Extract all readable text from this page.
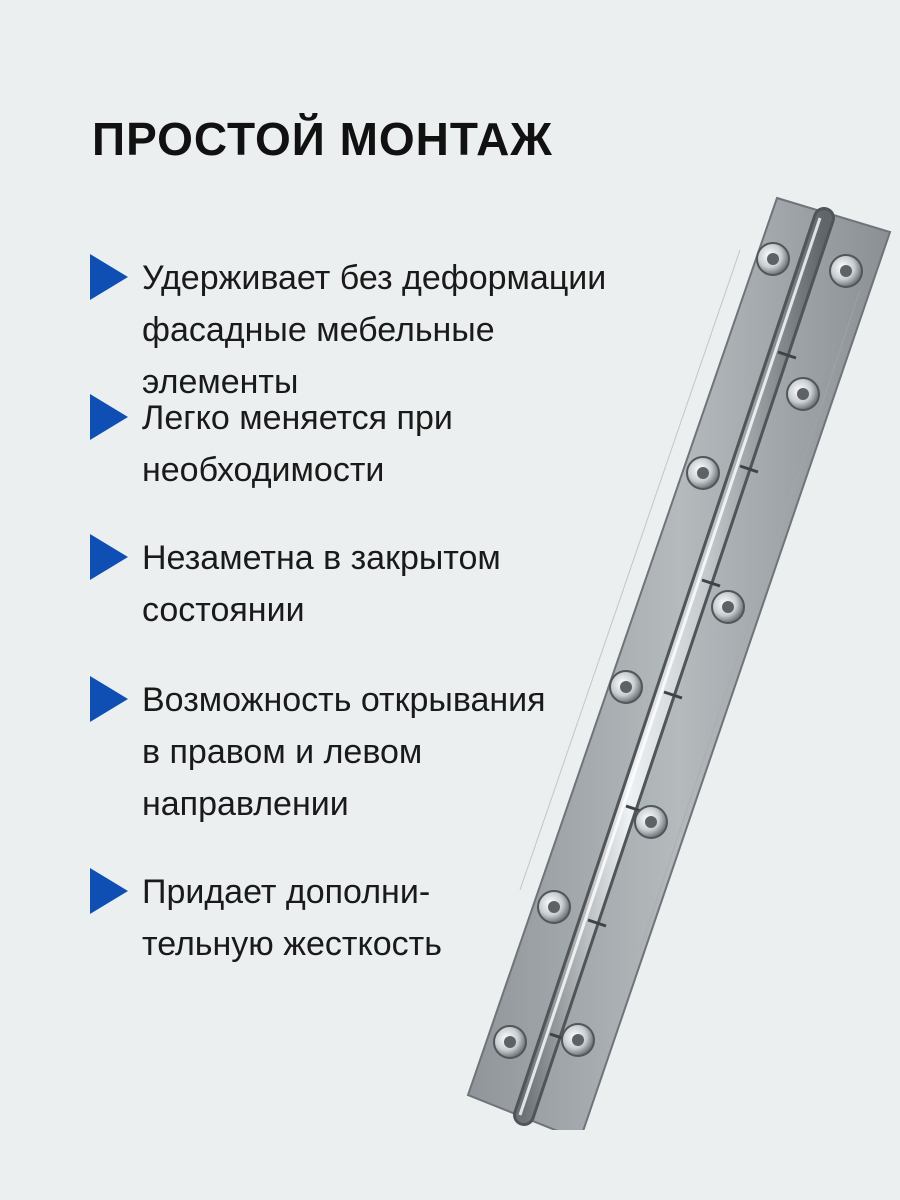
ПРОСТОЙ МОНТАЖ
Удерживает без деформации
фасадные мебельные элементы
Легко меняется при
необходимости
Незаметна в закрытом
состоянии
Возможность открывания
в правом и левом
направлении
Придает дополни-
тельную жесткость
